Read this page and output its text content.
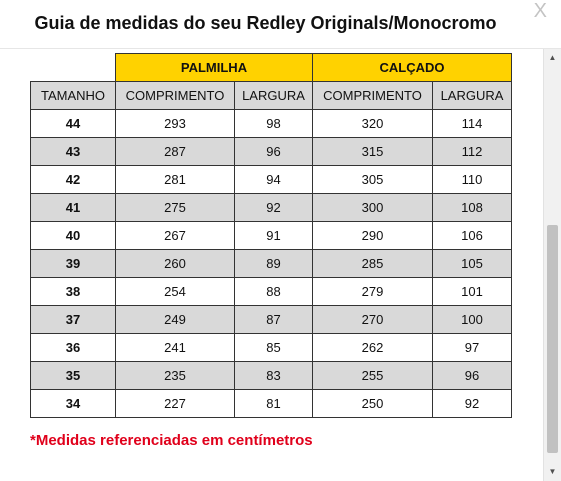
Guia de medidas do seu Redley Originals/Monocromo
X
	PALMILHA		CALÇADO	
TAMANHO	COMPRIMENTO	LARGURA	COMPRIMENTO	LARGURA
44	293	98	320	114
43	287	96	315	112
42	281	94	305	110
41	275	92	300	108
40	267	91	290	106
39	260	89	285	105
38	254	88	279	101
37	249	87	270	100
36	241	85	262	97
35	235	83	255	96
34	227	81	250	92
*Medidas referenciadas em centímetros
▲
▼
